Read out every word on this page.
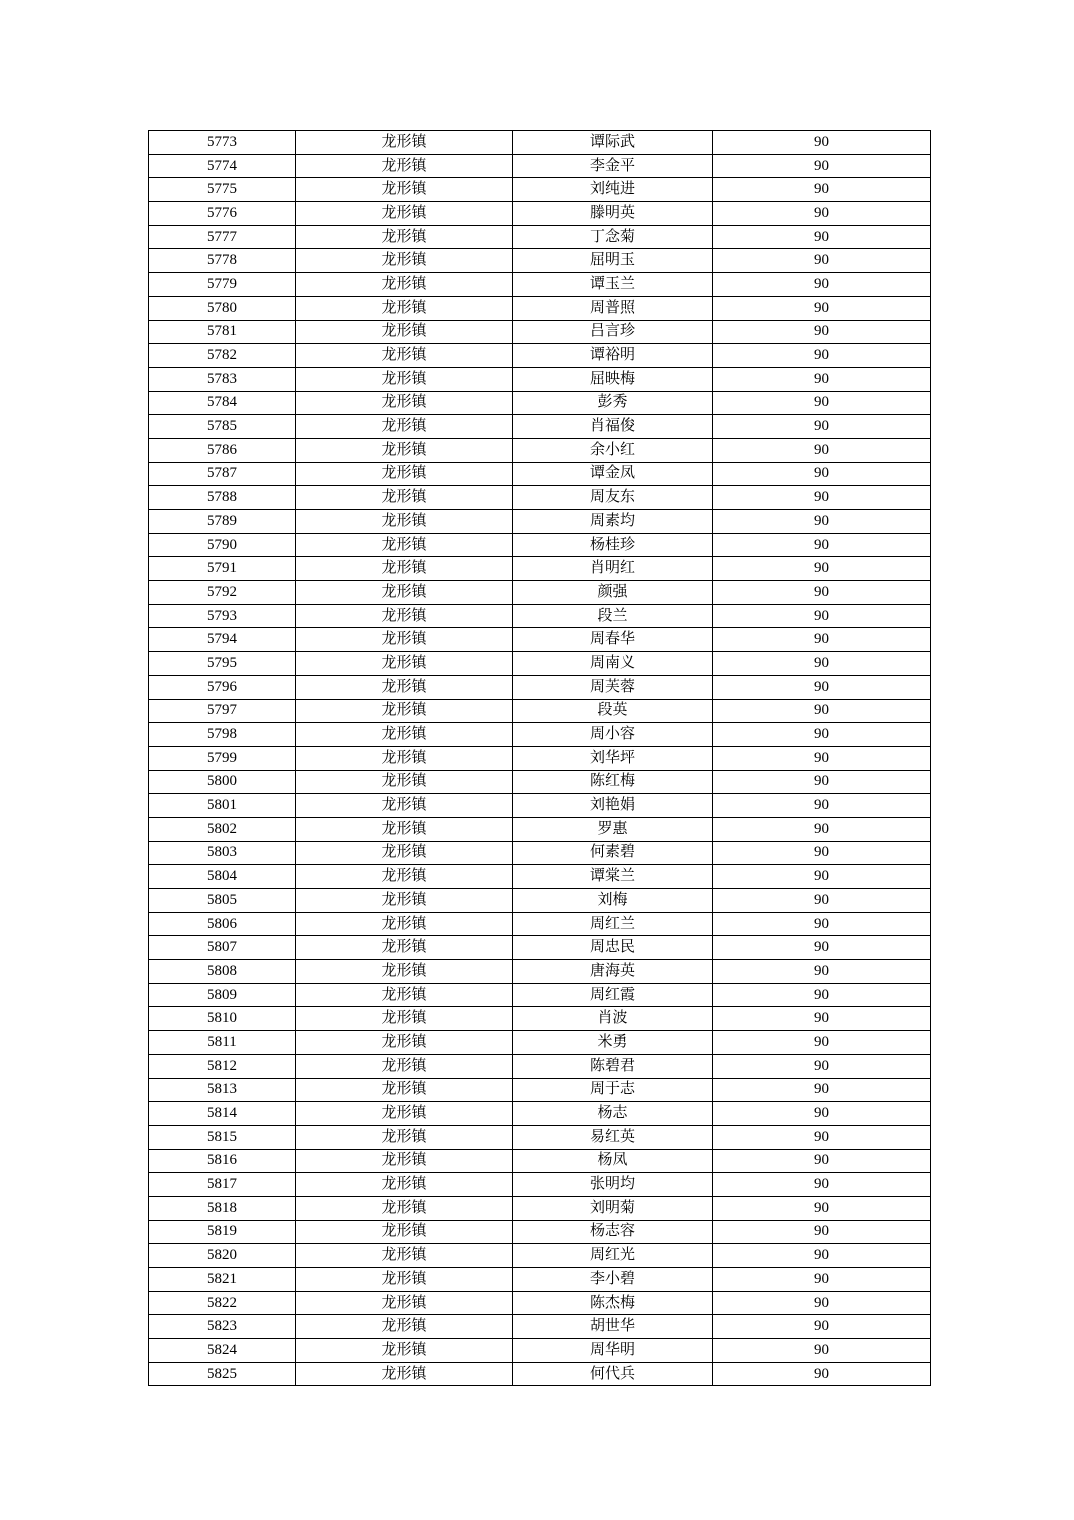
5773	龙形镇	谭际武	90
5774	龙形镇	李金平	90
5775	龙形镇	刘纯进	90
5776	龙形镇	滕明英	90
5777	龙形镇	丁念菊	90
5778	龙形镇	屈明玉	90
5779	龙形镇	谭玉兰	90
5780	龙形镇	周普照	90
5781	龙形镇	吕言珍	90
5782	龙形镇	谭裕明	90
5783	龙形镇	屈映梅	90
5784	龙形镇	彭秀	90
5785	龙形镇	肖福俊	90
5786	龙形镇	余小红	90
5787	龙形镇	谭金凤	90
5788	龙形镇	周友东	90
5789	龙形镇	周素均	90
5790	龙形镇	杨桂珍	90
5791	龙形镇	肖明红	90
5792	龙形镇	颜强	90
5793	龙形镇	段兰	90
5794	龙形镇	周春华	90
5795	龙形镇	周南义	90
5796	龙形镇	周芙蓉	90
5797	龙形镇	段英	90
5798	龙形镇	周小容	90
5799	龙形镇	刘华坪	90
5800	龙形镇	陈红梅	90
5801	龙形镇	刘艳娟	90
5802	龙形镇	罗惠	90
5803	龙形镇	何素碧	90
5804	龙形镇	谭棠兰	90
5805	龙形镇	刘梅	90
5806	龙形镇	周红兰	90
5807	龙形镇	周忠民	90
5808	龙形镇	唐海英	90
5809	龙形镇	周红霞	90
5810	龙形镇	肖波	90
5811	龙形镇	米勇	90
5812	龙形镇	陈碧君	90
5813	龙形镇	周于志	90
5814	龙形镇	杨志	90
5815	龙形镇	易红英	90
5816	龙形镇	杨凤	90
5817	龙形镇	张明均	90
5818	龙形镇	刘明菊	90
5819	龙形镇	杨志容	90
5820	龙形镇	周红光	90
5821	龙形镇	李小碧	90
5822	龙形镇	陈杰梅	90
5823	龙形镇	胡世华	90
5824	龙形镇	周华明	90
5825	龙形镇	何代兵	90
